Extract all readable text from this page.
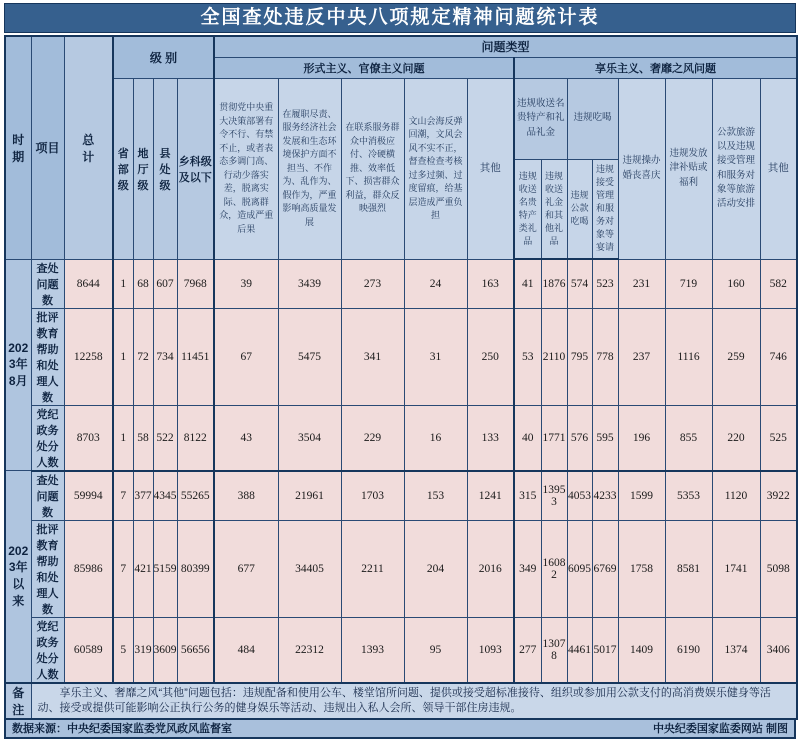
全国查处违反中央八项规定精神问题统计表
时期	项目	总 计	级 别				问题类型												
							形式主义、官僚主义问题					享乐主义、奢靡之风问题							
			省部级	地厅级	县处级	乡科级及以下	贯彻党中央重大决策部署有令不行、有禁不止，或者表态多调门高、行动少落实差，脱离实际、脱离群众，造成严重后果	在履职尽责、服务经济社会发展和生态环境保护方面不担当、不作为、乱作为、假作为，严重影响高质量发展	在联系服务群众中消极应付、冷硬横推、效率低下、损害群众利益，群众反映强烈	文山会海反弹回潮，文风会风不实不正，督查检查考核过多过频、过度留痕，给基层造成严重负担	其他	违规收送名贵特产和礼品礼金		违规吃喝		违规操办婚丧喜庆	违规发放津补贴或福利	公款旅游以及违规接受管理和服务对象等旅游活动安排	其他
												违规收送名贵特产类礼品	违规收送礼金和其他礼品	违规公款吃喝	违规接受管理和服务对象等宴请				
2023年8月	查处问题数	8644	1	68	607	7968	39	3439	273	24	163	41	1876	574	523	231	719	160	582
	批评教育帮助和处理人数	12258	1	72	734	11451	67	5475	341	31	250	53	2110	795	778	237	1116	259	746
	党纪政务处分人数	8703	1	58	522	8122	43	3504	229	16	133	40	1771	576	595	196	855	220	525
2023年以来	查处问题数	59994	7	377	4345	55265	388	21961	1703	153	1241	315	13953	4053	4233	1599	5353	1120	3922
	批评教育帮助和处理人数	85986	7	421	5159	80399	677	34405	2211	204	2016	349	16082	6095	6769	1758	8581	1741	5098
	党纪政务处分人数	60589	5	319	3609	56656	484	22312	1393	95	1093	277	13078	4461	5017	1409	6190	1374	3406
备注	享乐主义、奢靡之风“其他”问题包括：违规配备和使用公车、楼堂馆所问题、提供或接受超标准接待、组织或参加用公款支付的高消费娱乐健身等活动、接受或提供可能影响公正执行公务的健身娱乐等活动、违规出入私人会所、领导干部住房违规。																		
数据来源：中央纪委国家监委党风政风监督室	中央纪委国家监委网站 制图
